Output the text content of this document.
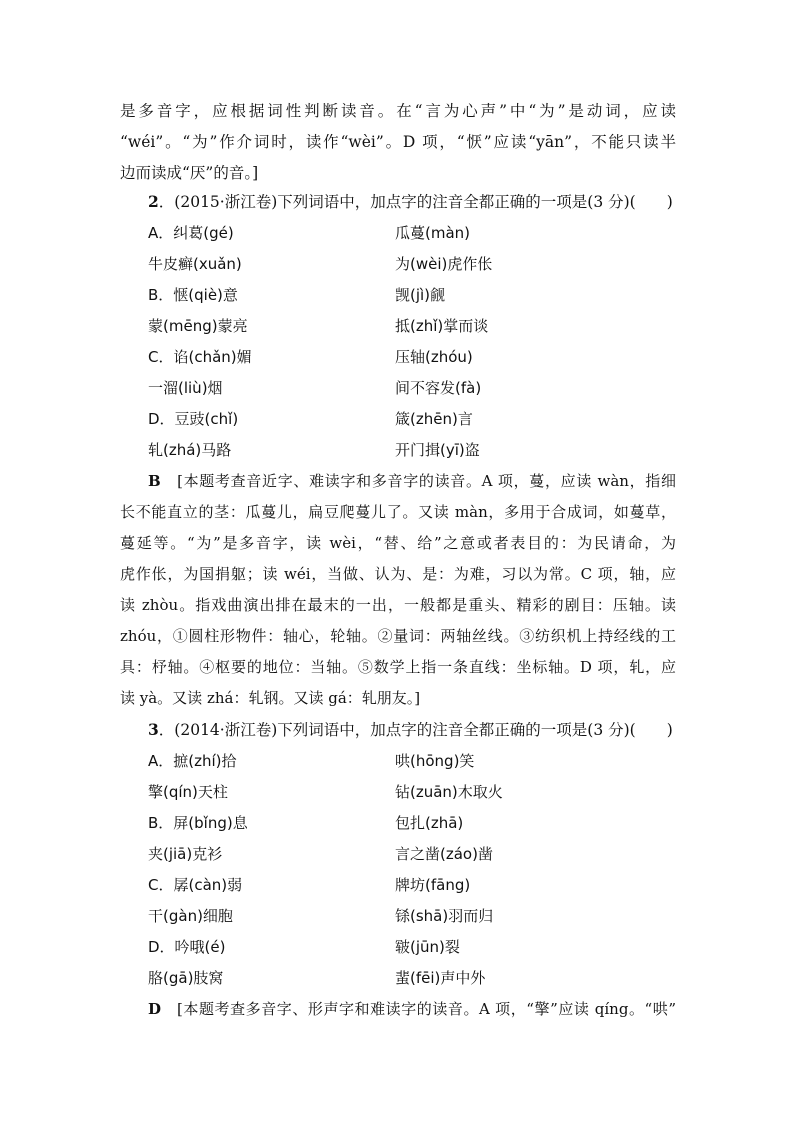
是多音字，应根据词性判断读音。在“言为心声”中“为”是动词，应读
“wéi”。“为”作介词时，读作“wèi”。D 项，“恹”应读“yān”，不能只读半
边而读成“厌”的音。]
2．(2015·浙江卷)下列词语中，加点字的注音全都正确的一项是(3 分)(　　)
A．纠葛(gé)	瓜蔓(màn)
牛皮癣(xuǎn)	为(wèi)虎作伥
B．惬(qiè)意	觊(jì)觎
蒙(mēng)蒙亮	抵(zhǐ)掌而谈
C．谄(chǎn)媚	压轴(zhóu)
一溜(liù)烟	间不容发(fà)
D．豆豉(chǐ)	箴(zhēn)言
轧(zhá)马路	开门揖(yī)盗
B [本题考查音近字、难读字和多音字的读音。A 项，蔓，应读 wàn，指细
长不能直立的茎：瓜蔓儿，扁豆爬蔓儿了。又读 màn，多用于合成词，如蔓草，
蔓延等。“为”是多音字，读 wèi，“替、给”之意或者表目的：为民请命，为
虎作伥，为国捐躯；读 wéi，当做、认为、是：为难，习以为常。C 项，轴，应
读 zhòu。指戏曲演出排在最末的一出，一般都是重头、精彩的剧目：压轴。读
zhóu，①圆柱形物件：轴心，轮轴。②量词：两轴丝线。③纺织机上持经线的工
具：杼轴。④枢要的地位：当轴。⑤数学上指一条直线：坐标轴。D 项，轧，应
读 yà。又读 zhá：轧钢。又读 gá：轧朋友。]
3．(2014·浙江卷)下列词语中，加点字的注音全都正确的一项是(3 分)(　　)
A．摭(zhí)拾	哄(hōng)笑
擎(qín)天柱	钻(zuān)木取火
B．屏(bǐng)息	包扎(zhā)
夹(jiā)克衫	言之凿(záo)凿
C．孱(càn)弱	牌坊(fāng)
干(gàn)细胞	铩(shā)羽而归
D．吟哦(é)	皲(jūn)裂
胳(gā)肢窝	蜚(fēi)声中外
D [本题考查多音字、形声字和难读字的读音。A 项，“擎”应读 qíng。“哄”
